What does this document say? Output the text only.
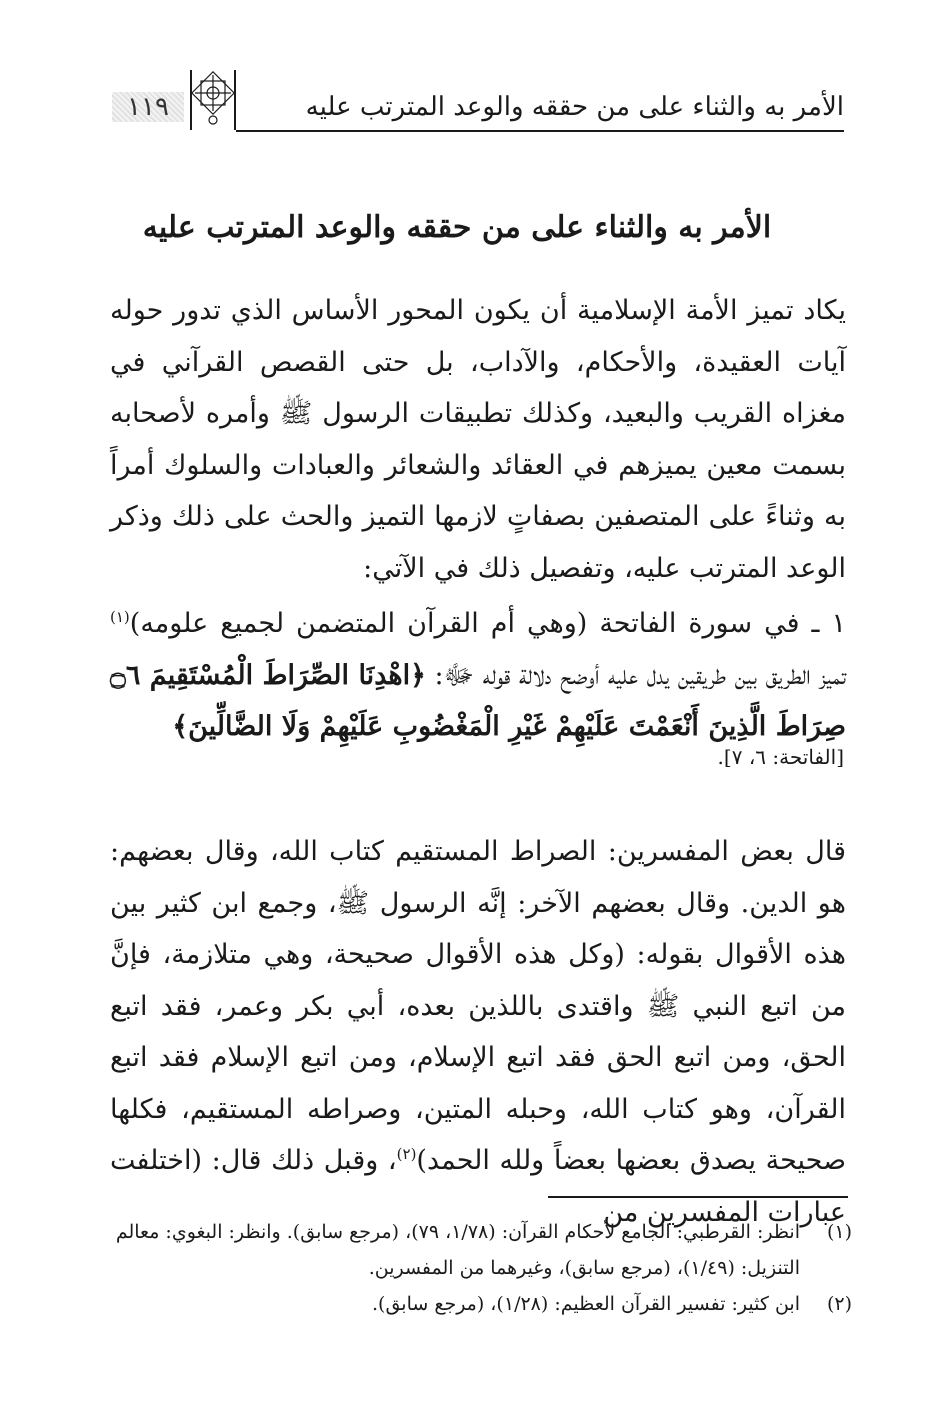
الأمر به والثناء على من حققه والوعد المترتب عليه
١١٩
الأمر به والثناء على من حققه والوعد المترتب عليه

يكاد تميز الأمة الإسلامية أن يكون المحور الأساس الذي تدور حوله آيات العقيدة، والأحكام، والآداب، بل حتى القصص القرآني في مغزاه القريب والبعيد، وكذلك تطبيقات الرسول ﷺ وأمره لأصحابه بسمت معين يميزهم في العقائد والشعائر والعبادات والسلوك أمراً به وثناءً على المتصفين بصفاتٍ لازمها التميز والحث على ذلك وذكر الوعد المترتب عليه، وتفصيل ذلك في الآتي:

١ ـ في سورة الفاتحة (وهي أم القرآن المتضمن لجميع علومه)$^{(١)}$ تميز الطريق بين طريقين يدل عليه أوضح دلالة قوله ﷻ: ﴿اهْدِنَا الصِّرَاطَ الْمُسْتَقِيمَ ۝٦ صِرَاطَ الَّذِينَ أَنْعَمْتَ عَلَيْهِمْ غَيْرِ الْمَغْضُوبِ عَلَيْهِمْ وَلَا الضَّالِّينَ﴾

[الفاتحة: ٦، ٧].

قال بعض المفسرين: الصراط المستقيم كتاب الله، وقال بعضهم: هو الدين. وقال بعضهم الآخر: إنَّه الرسول ﷺ، وجمع ابن كثير بين هذه الأقوال بقوله: (وكل هذه الأقوال صحيحة، وهي متلازمة، فإنَّ من اتبع النبي ﷺ واقتدى باللذين بعده، أبي بكر وعمر، فقد اتبع الحق، ومن اتبع الحق فقد اتبع الإسلام، ومن اتبع الإسلام فقد اتبع القرآن، وهو كتاب الله، وحبله المتين، وصراطه المستقيم، فكلها صحيحة يصدق بعضها بعضاً ولله الحمد)$^{(٢)}$، وقبل ذلك قال: (اختلفت عبارات المفسرين من

(١)
انظر: القرطبي: الجامع لأحكام القرآن: (١/٧٨، ٧٩)، (مرجع سابق). وانظر: البغوي: معالم التنزيل: (١/٤٩)، (مرجع سابق)، وغيرهما من المفسرين.
(٢)
ابن كثير: تفسير القرآن العظيم: (١/٢٨)، (مرجع سابق).
